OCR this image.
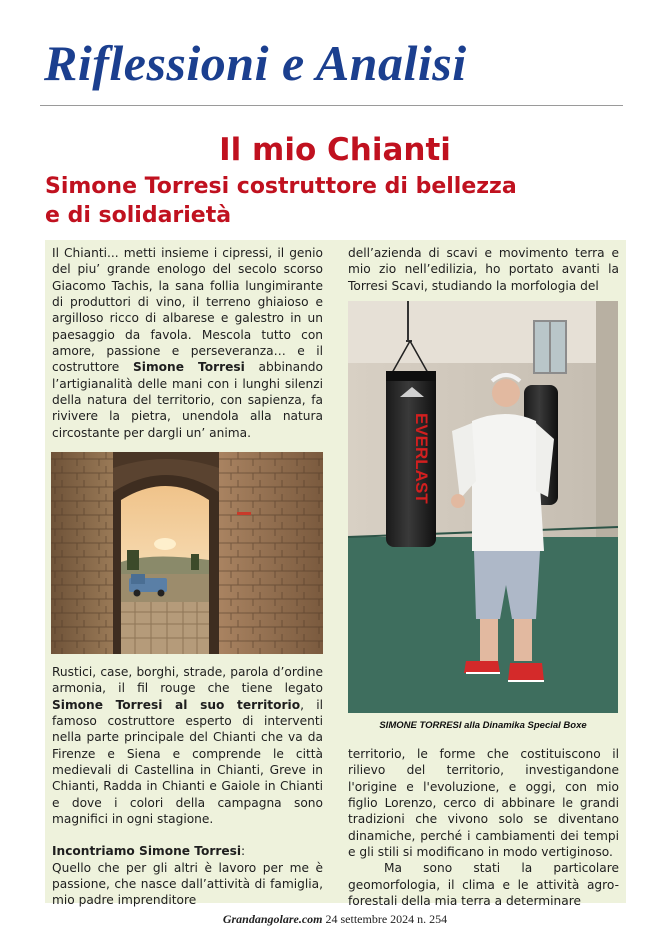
Riflessioni e Analisi
Il mio Chianti
Simone Torresi costruttore di bellezza
e di solidarietà

Il Chianti... metti insieme i cipressi, il genio del piu’ grande enologo del secolo scorso Giacomo Tachis, la sana follia lungimirante di produttori di vino, il terreno ghiaioso e argilloso ricco di albarese e galestro in un paesaggio da favola. Mescola tutto con amore, passione e perseveranza… e il costruttore Simone Torresi abbinando l’artigianalità delle mani con i lunghi silenzi della natura del territorio, con sapienza, fa rivivere la pietra, unendola alla natura circostante per dargli un’ anima.

Rustici, case, borghi, strade, parola d’ordine armonia, il fil rouge che tiene legato Simone Torresi al suo territorio, il famoso costruttore esperto di interventi nella parte principale del Chianti che va da Firenze e Siena e comprende le città medievali di Castellina in Chianti, Greve in Chianti, Radda in Chianti e Gaiole in Chianti e dove i colori della campagna sono magnifici in ogni stagione.

Incontriamo Simone Torresi:

Quello che per gli altri è lavoro per me è passione, che nasce dall’attività di famiglia, mio padre imprenditore

dell’azienda di scavi e movimento terra e mio zio nell’edilizia, ho portato avanti la Torresi Scavi, studiando la morfologia del

EVERLAST
SIMONE TORRESI alla Dinamika Special Boxe

territorio, le forme che costituiscono il rilievo del territorio, investigandone l'origine e l'evoluzione, e oggi, con mio figlio Lorenzo, cerco di abbinare le grandi tradizioni che vivono solo se diventano dinamiche, perché i cambiamenti dei tempi e gli stili si modificano in modo vertiginoso.

Ma sono stati la particolare geomorfologia, il clima e le attività agro-forestali della mia terra a determinare

Grandangolare.com 24 settembre 2024 n. 254
